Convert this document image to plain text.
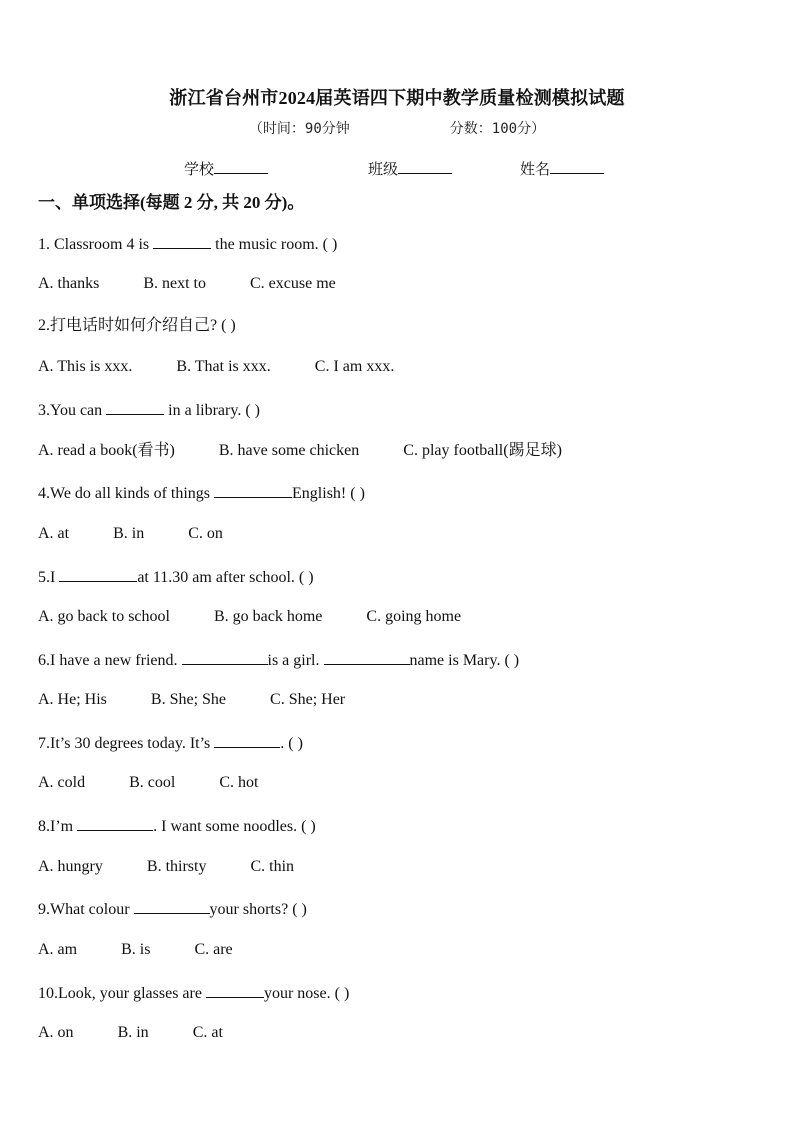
浙江省台州市2024届英语四下期中教学质量检测模拟试题
（时间：90分钟	分数：100分）
学校	班级	姓名
一、单项选择(每题 2 分, 共 20 分)。
1. Classroom 4 is	the music room. ( )
A. thanks	B. next to	C. excuse me
2.打电话时如何介绍自己? ( )
A. This is xxx.	B. That is xxx.	C. I am xxx.
3.You can	in a library. ( )
A. read a book(看书)	B. have some chicken	C. play football(踢足球)
4.We do all kinds of things	English! ( )
A. at	B. in	C. on
5.I	at 11.30 am after school. ( )
A. go back to school	B. go back home	C. going home
6.I have a new friend.	is a girl.	name is Mary. ( )
A. He; His	B. She; She	C. She; Her
7.It’s 30 degrees today. It’s	. ( )
A. cold	B. cool	C. hot
8.I’m	. I want some noodles. ( )
A. hungry	B. thirsty	C. thin
9.What colour	your shorts? ( )
A. am	B. is	C. are
10.Look, your glasses are	your nose. ( )
A. on	B. in	C. at
